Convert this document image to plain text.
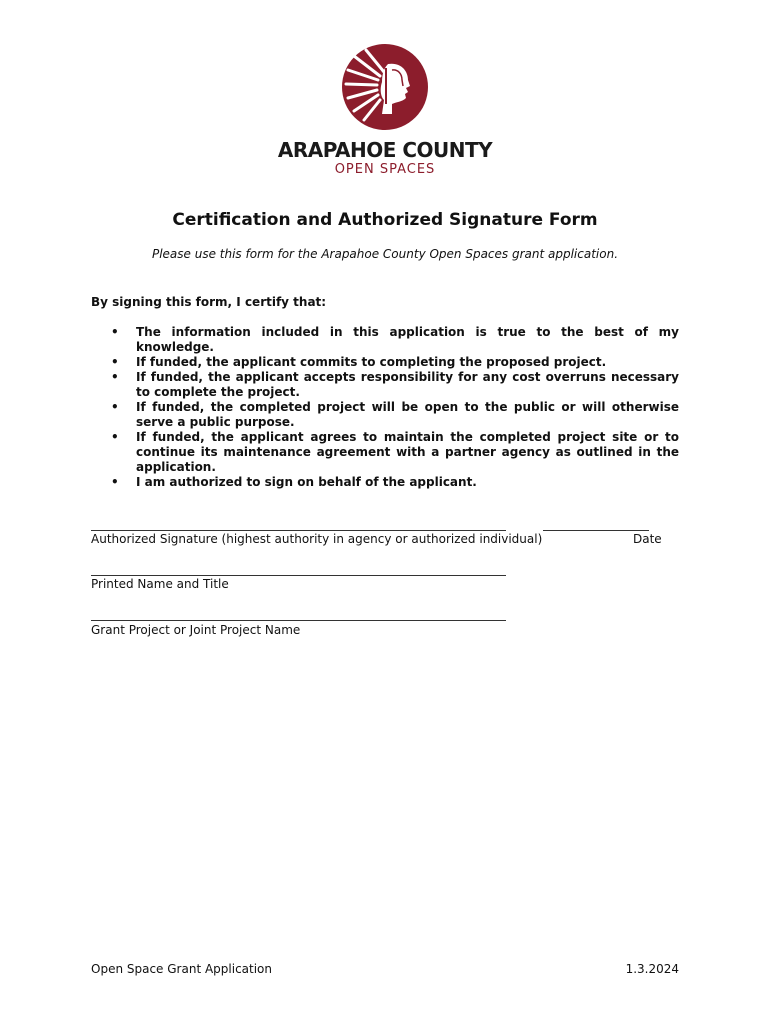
ARAPAHOE COUNTY
OPEN SPACES
Certification and Authorized Signature Form
Please use this form for the Arapahoe County Open Spaces grant application.
By signing this form, I certify that:
• The information included in this application is true to the best of my knowledge.
• If funded, the applicant commits to completing the proposed project.
• If funded, the applicant accepts responsibility for any cost overruns necessary to complete the project.
• If funded, the completed project will be open to the public or will otherwise serve a public purpose.
• If funded, the applicant agrees to maintain the completed project site or to continue its maintenance agreement with a partner agency as outlined in the application.
• I am authorized to sign on behalf of the applicant.
Authorized Signature (highest authority in agency or authorized individual)	Date
Printed Name and Title
Grant Project or Joint Project Name
Open Space Grant Application	1.3.2024
